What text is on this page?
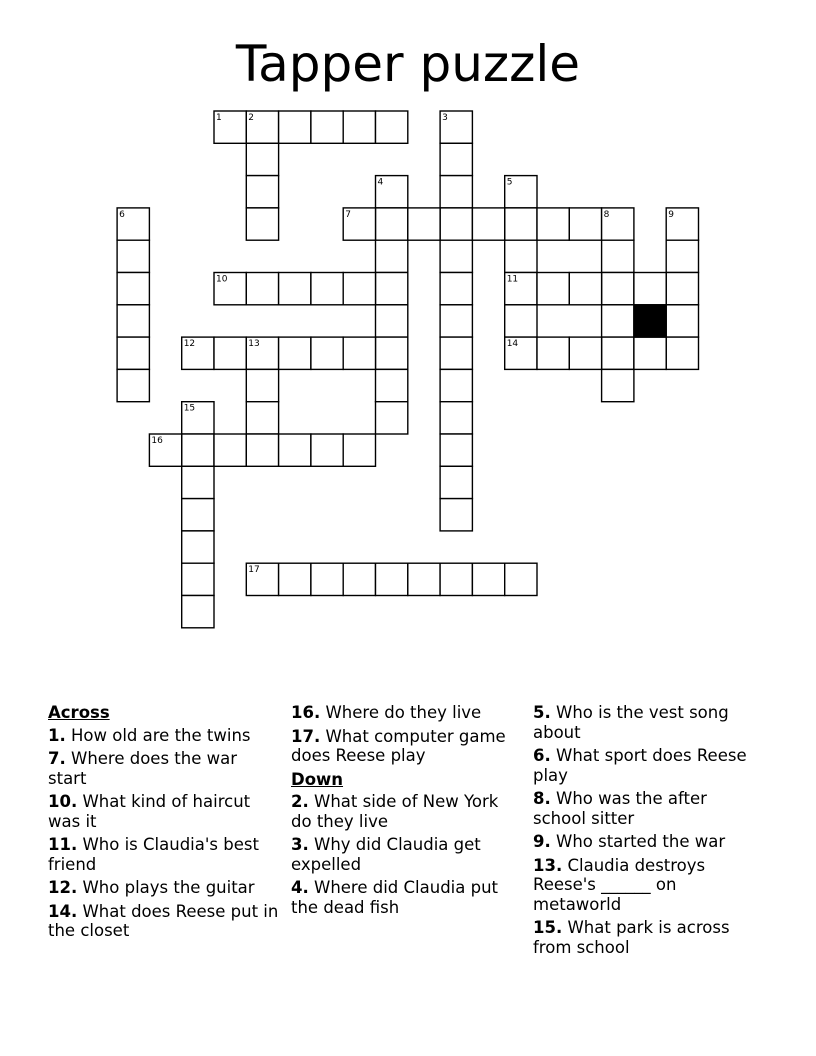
Tapper puzzle
1	2	3
4	5
6	7	8	9
10	11
12	13	14
15
16
17
Across
1. How old are the twins
7. Where does the war start
10. What kind of haircut was it
11. Who is Claudia's best friend
12. Who plays the guitar
14. What does Reese put in the closet
16. Where do they live
17. What computer game does Reese play
Down
2. What side of New York do they live
3. Why did Claudia get expelled
4. Where did Claudia put the dead fish
5. Who is the vest song about
6. What sport does Reese play
8. Who was the after school sitter
9. Who started the war
13. Claudia destroys Reese's ______ on metaworld
15. What park is across from school
